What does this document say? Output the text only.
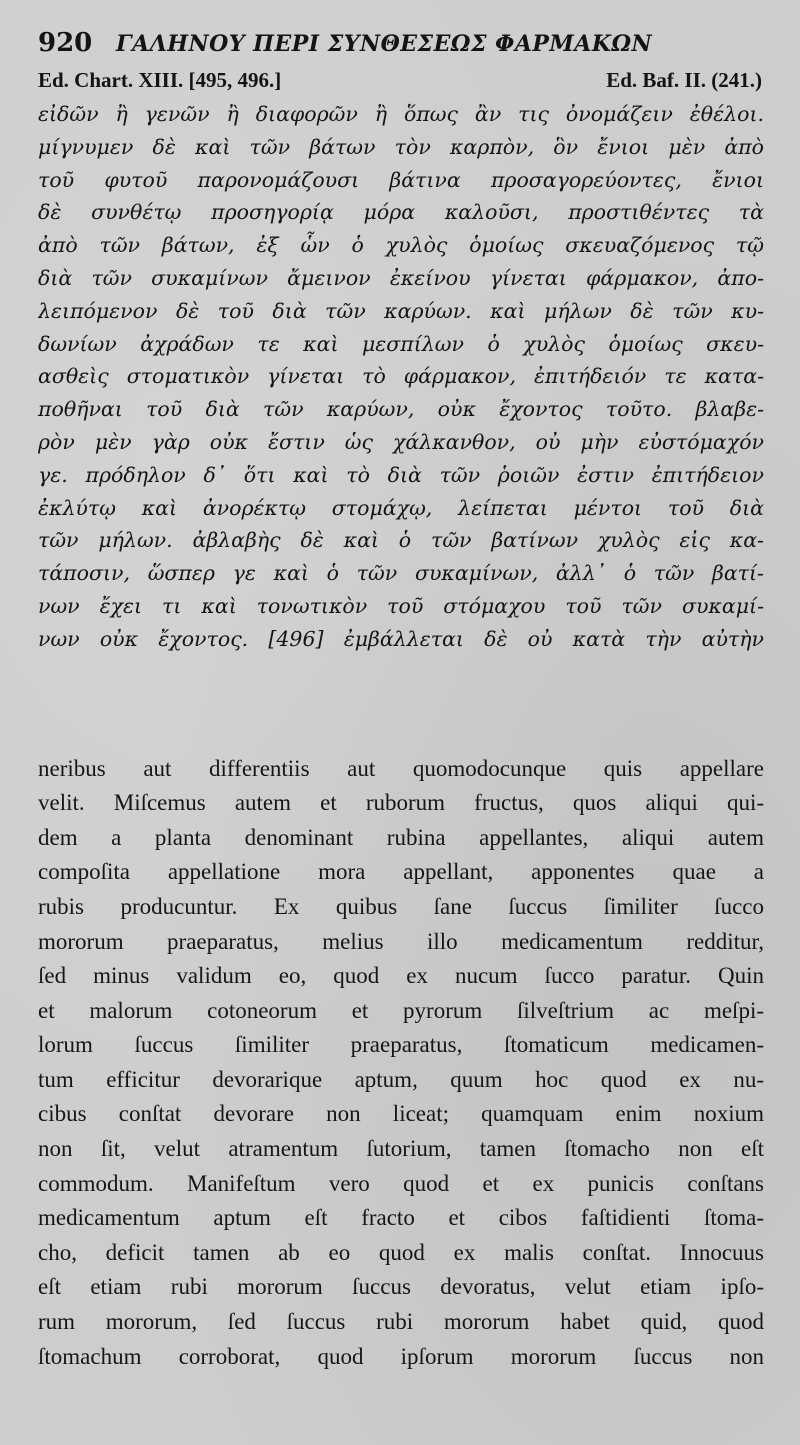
920	ΓΑΛΗΝΟΥ ΠΕΡΙ ΣΥΝΘΕΣΕΩΣ ΦΑΡΜΑΚΩΝ
Ed. Chart. XIII. [495, 496.]	Ed. Baf. II. (241.)
εἰδῶν ἢ γενῶν ἢ διαφορῶν ἢ ὅπως ἂν τις ὀνομάζειν ἐθέλοι.
μίγνυμεν δὲ καὶ τῶν βάτων τὸν καρπὸν, ὃν ἔνιοι μὲν ἀπὸ
τοῦ φυτοῦ παρονομάζουσι βάτινα προσαγορεύοντες, ἔνιοι
δὲ συνθέτῳ προσηγορίᾳ μόρα καλοῦσι, προστιθέντες τὰ
ἀπὸ τῶν βάτων, ἐξ ὧν ὁ χυλὸς ὁμοίως σκευαζόμενος τῷ
διὰ τῶν συκαμίνων ἄμεινον ἐκείνου γίνεται φάρμακον, ἀπο-
λειπόμενον δὲ τοῦ διὰ τῶν καρύων. καὶ μήλων δὲ τῶν κυ-
δωνίων ἀχράδων τε καὶ μεσπίλων ὁ χυλὸς ὁμοίως σκευ-
ασθεὶς στοματικὸν γίνεται τὸ φάρμακον, ἐπιτήδειόν τε κατα-
ποθῆναι τοῦ διὰ τῶν καρύων, οὐκ ἔχοντος τοῦτο. βλαβε-
ρὸν μὲν γὰρ οὐκ ἔστιν ὡς χάλκανθον, οὐ μὴν εὐστόμαχόν
γε. πρόδηλον δ᾽ ὅτι καὶ τὸ διὰ τῶν ῥοιῶν ἐστιν ἐπιτήδειον
ἐκλύτῳ καὶ ἀνορέκτῳ στομάχῳ, λείπεται μέντοι τοῦ διὰ
τῶν μήλων. ἀβλαβὴς δὲ καὶ ὁ τῶν βατίνων χυλὸς εἰς κα-
τάποσιν, ὥσπερ γε καὶ ὁ τῶν συκαμίνων, ἀλλ᾽ ὁ τῶν βατί-
νων ἔχει τι καὶ τονωτικὸν τοῦ στόμαχου τοῦ τῶν συκαμί-
νων οὐκ ἔχοντος. [496] ἐμβάλλεται δὲ οὐ κατὰ τὴν αὐτὴν
neribus aut differentiis aut quomodocunque quis appellare
velit. Miſcemus autem et ruborum fructus, quos aliqui qui-
dem a planta denominant rubina appellantes, aliqui autem
compoſita appellatione mora appellant, apponentes quae a
rubis producuntur. Ex quibus ſane ſuccus ſimiliter ſucco
mororum praeparatus, melius illo medicamentum redditur,
ſed minus validum eo, quod ex nucum ſucco paratur. Quin
et malorum cotoneorum et pyrorum ſilveſtrium ac meſpi-
lorum ſuccus ſimiliter praeparatus, ſtomaticum medicamen-
tum efficitur devorarique aptum, quum hoc quod ex nu-
cibus conſtat devorare non liceat; quamquam enim noxium
non ſit, velut atramentum ſutorium, tamen ſtomacho non eſt
commodum. Manifeſtum vero quod et ex punicis conſtans
medicamentum aptum eſt fracto et cibos faſtidienti ſtoma-
cho, deficit tamen ab eo quod ex malis conſtat. Innocuus
eſt etiam rubi mororum ſuccus devoratus, velut etiam ipſo-
rum mororum, ſed ſuccus rubi mororum habet quid, quod
ſtomachum corroborat, quod ipſorum mororum ſuccus non
